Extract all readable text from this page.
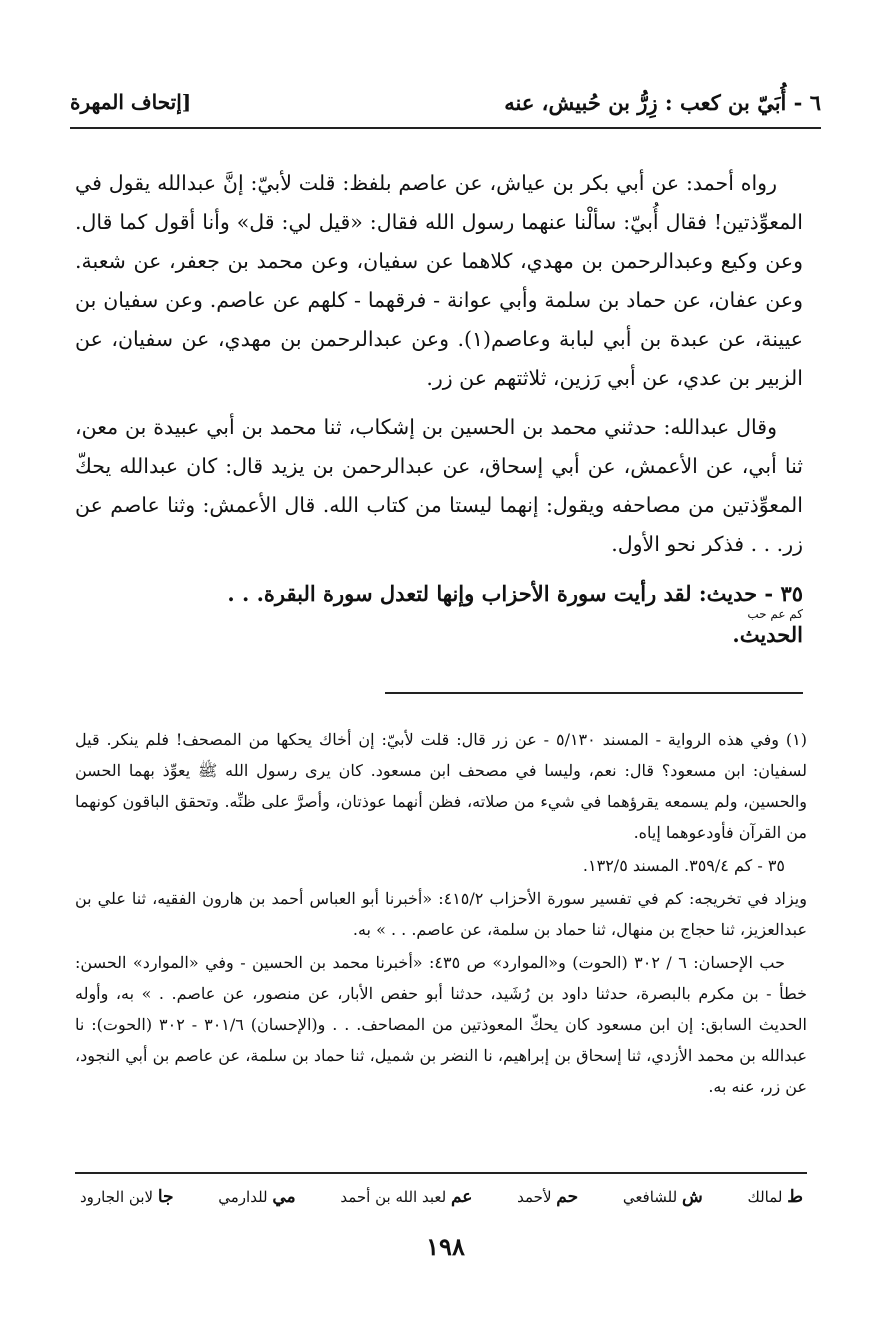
٦ - أُبَيّ بن كعب : زِرُّ بن حُبيش، عنه
[إتحاف المهرة

رواه أحمد: عن أبي بكر بن عياش، عن عاصم بلفظ: قلت لأبيّ: إنَّ عبدالله يقول في المعوِّذتين! فقال أُبيّ: سألْنا عنهما رسول الله فقال: «قيل لي: قل» وأنا أقول كما قال. وعن وكيع وعبدالرحمن بن مهدي، كلاهما عن سفيان، وعن محمد بن جعفر، عن شعبة. وعن عفان، عن حماد بن سلمة وأبي عوانة - فرقهما - كلهم عن عاصم. وعن سفيان بن عيينة، عن عبدة بن أبي لبابة وعاصم(١). وعن عبدالرحمن بن مهدي، عن سفيان، عن الزبير بن عدي، عن أبي رَزين، ثلاثتهم عن زر.

وقال عبدالله: حدثني محمد بن الحسين بن إشكاب، ثنا محمد بن أبي عبيدة بن معن، ثنا أبي، عن الأعمش، عن أبي إسحاق، عن عبدالرحمن بن يزيد قال: كان عبدالله يحكّ المعوِّذتين من مصاحفه ويقول: إنهما ليستا من كتاب الله. قال الأعمش: وثنا عاصم عن زر. . . فذكر نحو الأول.

٣٥ - حديث: لقد رأيت سورة الأحزاب وإنها لتعدل سورة البقرة. . .

كم عم حب
الحديث.

(١) وفي هذه الرواية - المسند ٥/١٣٠ - عن زر قال: قلت لأبيّ: إن أخاك يحكها من المصحف! فلم ينكر. قيل لسفيان: ابن مسعود؟ قال: نعم، وليسا في مصحف ابن مسعود. كان يرى رسول الله ﷺ يعوِّذ بهما الحسن والحسين، ولم يسمعه يقرؤهما في شيء من صلاته، فظن أنهما عوذتان، وأصرَّ على ظنِّه. وتحقق الباقون كونهما من القرآن فأودعوهما إياه.

٣٥ - كم ٣٥٩/٤. المسند ١٣٢/٥.

ويزاد في تخريجه: كم في تفسير سورة الأحزاب ٤١٥/٢: «أخبرنا أبو العباس أحمد بن هارون الفقيه، ثنا علي بن عبدالعزيز، ثنا حجاج بن منهال، ثنا حماد بن سلمة، عن عاصم. . . » به.

حب الإحسان: ٦ / ٣٠٢ (الحوت) و«الموارد» ص ٤٣٥: «أخبرنا محمد بن الحسين - وفي «الموارد» الحسن: خطأ - بن مكرم بالبصرة، حدثنا داود بن رُشَيد، حدثنا أبو حفص الأبار، عن منصور، عن عاصم. . » به، وأوله الحديث السابق: إن ابن مسعود كان يحكّ المعوذتين من المصاحف. . . و(الإحسان) ٣٠١/٦ - ٣٠٢ (الحوت): نا عبدالله بن محمد الأزدي، ثنا إسحاق بن إبراهيم، نا النضر بن شميل، ثنا حماد بن سلمة، عن عاصم بن أبي النجود، عن زر، عنه به.

ط لمالك
ش للشافعي
حم لأحمد
عم لعبد الله بن أحمد
مي للدارمي
جا لابن الجارود
١٩٨
